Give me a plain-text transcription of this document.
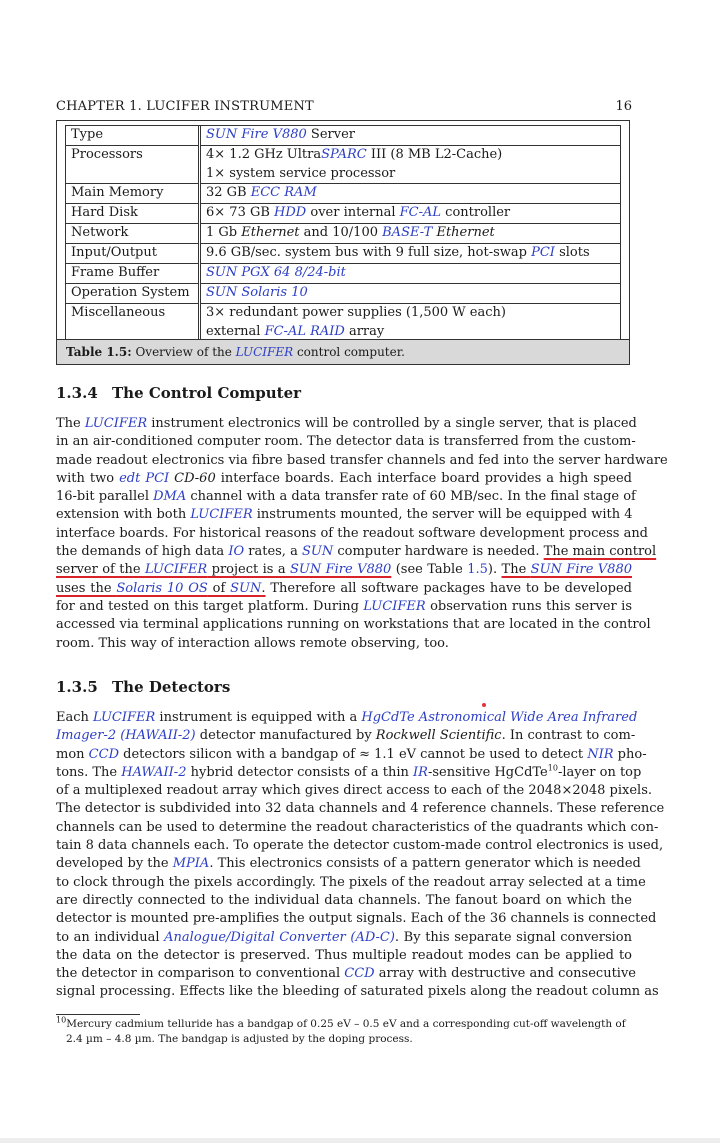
CHAPTER 1. LUCIFER INSTRUMENT	16
Type	SUN Fire V880 Server

Processors	4× 1.2 GHz UltraSPARC III (8 MB L2-Cache)
1× system service processor

Main Memory	32 GB ECC RAM

Hard Disk	6× 73 GB HDD over internal FC-AL controller

Network	1 Gb Ethernet and 10/100 BASE-T Ethernet

Input/Output	9.6 GB/sec. system bus with 9 full size, hot-swap PCI slots

Frame Buffer	SUN PGX 64 8/24-bit

Operation System	SUN Solaris 10

Miscellaneous	3× redundant power supplies (1,500 W each)
external FC-AL RAID array
Table 1.5: Overview of the LUCIFER control computer.
1.3.4 The Control Computer
The LUCIFER instrument electronics will be controlled by a single server, that is placed
in an air-conditioned computer room. The detector data is transferred from the custom-
made readout electronics via fibre based transfer channels and fed into the server hardware
with two edt PCI CD-60 interface boards. Each interface board provides a high speed
16-bit parallel DMA channel with a data transfer rate of 60 MB/sec. In the final stage of
extension with both LUCIFER instruments mounted, the server will be equipped with 4
interface boards. For historical reasons of the readout software development process and
the demands of high data IO rates, a SUN computer hardware is needed. The main control
server of the LUCIFER project is a SUN Fire V880 (see Table 1.5). The SUN Fire V880
uses the Solaris 10 OS of SUN. Therefore all software packages have to be developed
for and tested on this target platform. During LUCIFER observation runs this server is
accessed via terminal applications running on workstations that are located in the control
room. This way of interaction allows remote observing, too.
1.3.5 The Detectors
Each LUCIFER instrument is equipped with a HgCdTe Astronomical Wide Area Infrared
Imager-2 (HAWAII-2) detector manufactured by Rockwell Scientific. In contrast to com-
mon CCD detectors silicon with a bandgap of ≈ 1.1 eV cannot be used to detect NIR pho-
tons. The HAWAII-2 hybrid detector consists of a thin IR-sensitive HgCdTe$^{10}$-layer on top
of a multiplexed readout array which gives direct access to each of the 2048×2048 pixels.
The detector is subdivided into 32 data channels and 4 reference channels. These reference
channels can be used to determine the readout characteristics of the quadrants which con-
tain 8 data channels each. To operate the detector custom-made control electronics is used,
developed by the MPIA. This electronics consists of a pattern generator which is needed
to clock through the pixels accordingly. The pixels of the readout array selected at a time
are directly connected to the individual data channels. The fanout board on which the
detector is mounted pre-amplifies the output signals. Each of the 36 channels is connected
to an individual Analogue/Digital Converter (AD-C). By this separate signal conversion
the data on the detector is preserved. Thus multiple readout modes can be applied to
the detector in comparison to conventional CCD array with destructive and consecutive
signal processing. Effects like the bleeding of saturated pixels along the readout column as
$^{10}$Mercury cadmium telluride has a bandgap of 0.25 eV – 0.5 eV and a corresponding cut-off wavelength of
2.4 µm – 4.8 µm. The bandgap is adjusted by the doping process.
